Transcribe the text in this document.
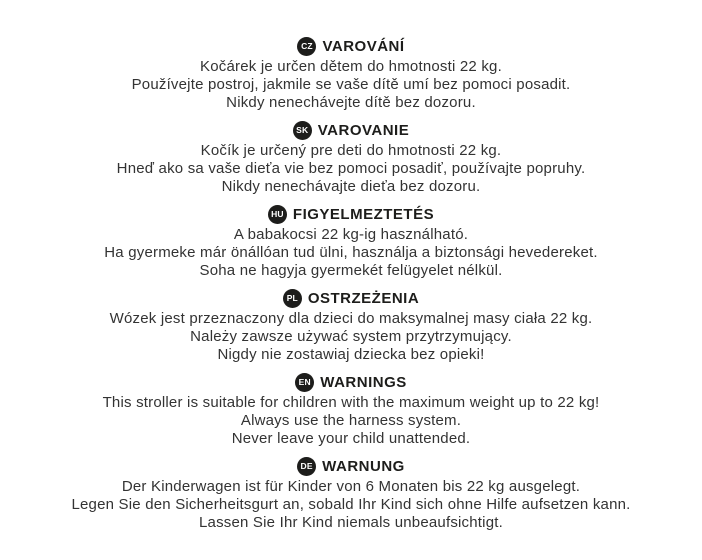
CZ VAROVÁNÍ

Kočárek je určen dětem do hmotnosti 22 kg.

Používejte postroj, jakmile se vaše dítě umí bez pomoci posadit.

Nikdy nenechávejte dítě bez dozoru.

SK VAROVANIE

Kočík je určený pre deti do hmotnosti 22 kg.

Hneď ako sa vaše dieťa vie bez pomoci posadiť, používajte popruhy.

Nikdy nenechávajte dieťa bez dozoru.

HU FIGYELMEZTETÉS

A babakocsi 22 kg-ig használható.

Ha gyermeke már önállóan tud ülni, használja a biztonsági hevedereket.

Soha ne hagyja gyermekét felügyelet nélkül.

PL OSTRZEŻENIA

Wózek jest przeznaczony dla dzieci do maksymalnej masy ciała 22 kg.

Należy zawsze używać system przytrzymujący.

Nigdy nie zostawiaj dziecka bez opieki!

EN WARNINGS

This stroller is suitable for children with the maximum weight up to 22 kg!

Always use the harness system.

Never leave your child unattended.

DE WARNUNG

Der Kinderwagen ist für Kinder von 6 Monaten bis 22 kg ausgelegt.

Legen Sie den Sicherheitsgurt an, sobald Ihr Kind sich ohne Hilfe aufsetzen kann.

Lassen Sie Ihr Kind niemals unbeaufsichtigt.
